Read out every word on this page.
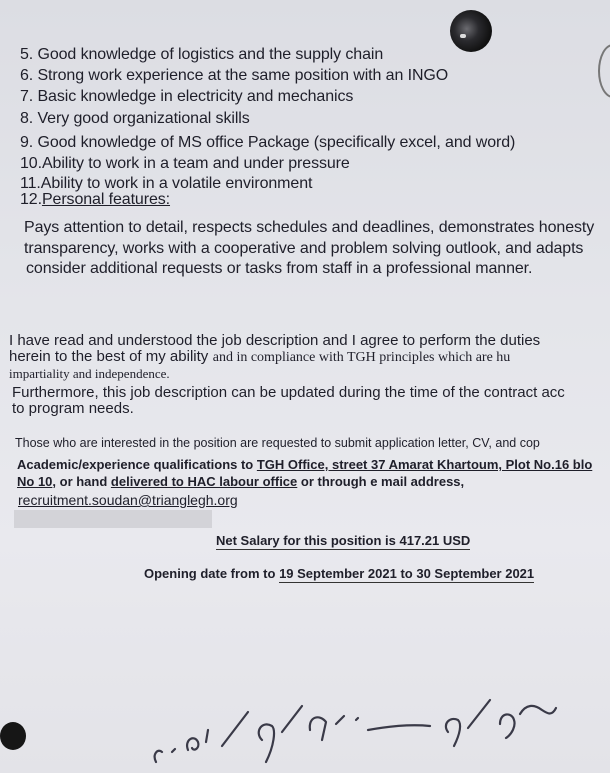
5. Good knowledge of logistics and the supply chain
6. Strong work experience at the same position with an INGO
7. Basic knowledge in electricity and mechanics
8. Very good organizational skills
9. Good knowledge of MS office Package (specifically excel, and word)
10.Ability to work in a team and under pressure
11.Ability to work in a volatile environment
12.Personal features:
Pays attention to detail, respects schedules and deadlines, demonstrates honesty
transparency, works with a cooperative and problem solving outlook, and adapts
consider additional requests or tasks from staff in a professional manner.
I have read and understood the job description and I agree to perform the duties
herein to the best of my ability and in compliance with TGH principles which are hu
impartiality and independence.
Furthermore, this job description can be updated during the time of the contract acc
to program needs.
Those who are interested in the position are requested to submit application letter, CV, and cop
Academic/experience qualifications to TGH Office, street 37 Amarat Khartoum, Plot No.16 blo
No 10, or hand delivered to HAC labour office or through e mail address,
recruitment.soudan@trianglegh.org
Net Salary for this position is 417.21 USD
Opening date from to 19 September 2021 to 30 September 2021
